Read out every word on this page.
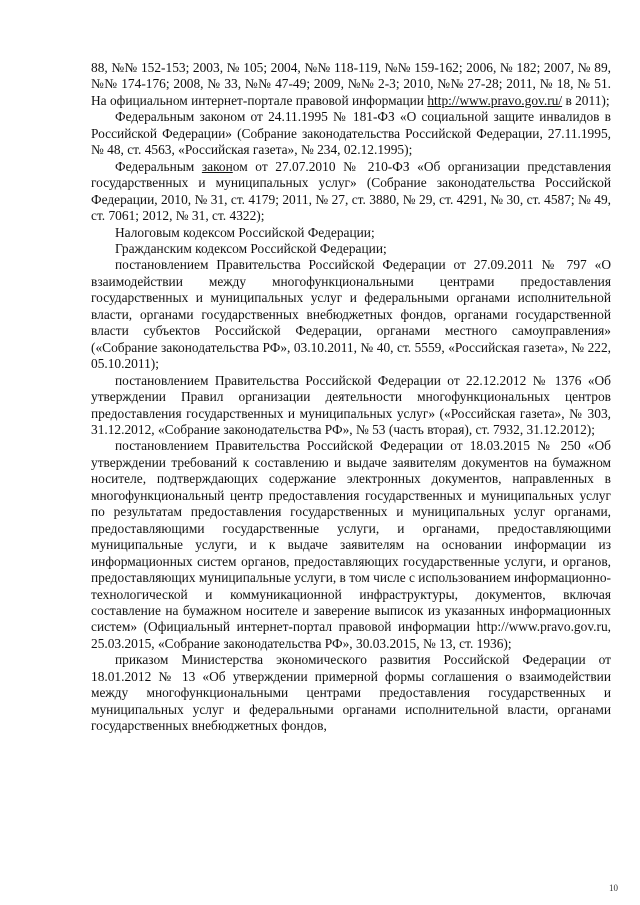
88, №№ 152-153; 2003, № 105; 2004, №№ 118-119, №№ 159-162; 2006, № 182; 2007, № 89, №№ 174-176; 2008, № 33, №№ 47-49; 2009, №№ 2-3; 2010, №№ 27-28; 2011, № 18, № 51. На официальном интернет-портале правовой информации http://www.pravo.gov.ru/ в 2011);

Федеральным законом от 24.11.1995 № 181-ФЗ «О социальной защите инвалидов в Российской Федерации» (Собрание законодательства Российской Федерации, 27.11.1995, № 48, ст. 4563, «Российская газета», № 234, 02.12.1995);

Федеральным законом от 27.07.2010 № 210-ФЗ «Об организации представления государственных и муниципальных услуг» (Собрание законодательства Российской Федерации, 2010, № 31, ст. 4179; 2011, № 27, ст. 3880, № 29, ст. 4291, № 30, ст. 4587; № 49, ст. 7061; 2012, № 31, ст. 4322);

Налоговым кодексом Российской Федерации;

Гражданским кодексом Российской Федерации;

постановлением Правительства Российской Федерации от 27.09.2011 № 797 «О взаимодействии между многофункциональными центрами предоставления государственных и муниципальных услуг и федеральными органами исполнительной власти, органами государственных внебюджетных фондов, органами государственной власти субъектов Российской Федерации, органами местного самоуправления» («Собрание законодательства РФ», 03.10.2011, № 40, ст. 5559, «Российская газета», № 222, 05.10.2011);

постановлением Правительства Российской Федерации от 22.12.2012 № 1376 «Об утверждении Правил организации деятельности многофункциональных центров предоставления государственных и муниципальных услуг» («Российская газета», № 303, 31.12.2012, «Собрание законодательства РФ», № 53 (часть вторая), ст. 7932, 31.12.2012);

постановлением Правительства Российской Федерации от 18.03.2015 № 250 «Об утверждении требований к составлению и выдаче заявителям документов на бумажном носителе, подтверждающих содержание электронных документов, направленных в многофункциональный центр предоставления государственных и муниципальных услуг по результатам предоставления государственных и муниципальных услуг органами, предоставляющими государственные услуги, и органами, предоставляющими муниципальные услуги, и к выдаче заявителям на основании информации из информационных систем органов, предоставляющих государственные услуги, и органов, предоставляющих муниципальные услуги, в том числе с использованием информационно-технологической и коммуникационной инфраструктуры, документов, включая составление на бумажном носителе и заверение выписок из указанных информационных систем» (Официальный интернет-портал правовой информации http://www.pravo.gov.ru, 25.03.2015, «Собрание законодательства РФ», 30.03.2015, № 13, ст. 1936);

приказом Министерства экономического развития Российской Федерации от 18.01.2012 № 13 «Об утверждении примерной формы соглашения о взаимодействии между многофункциональными центрами предоставления государственных и муниципальных услуг и федеральными органами исполнительной власти, органами государственных внебюджетных фондов,

10
